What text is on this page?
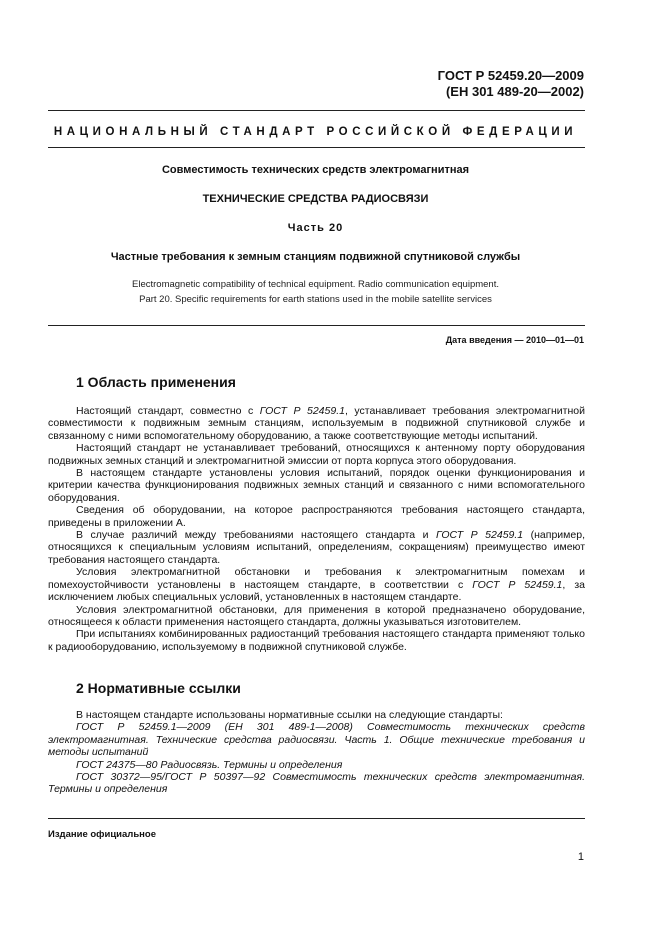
ГОСТ Р 52459.20—2009
(ЕН 301 489-20—2002)
НАЦИОНАЛЬНЫЙ СТАНДАРТ РОССИЙСКОЙ ФЕДЕРАЦИИ
Совместимость технических средств электромагнитная
ТЕХНИЧЕСКИЕ СРЕДСТВА РАДИОСВЯЗИ
Часть 20
Частные требования к земным станциям подвижной спутниковой службы
Electromagnetic compatibility of technical equipment. Radio communication equipment.
Part 20. Specific requirements for earth stations used in the mobile satellite services
Дата введения — 2010—01—01
1 Область применения

Настоящий стандарт, совместно с ГОСТ Р 52459.1, устанавливает требования электромагнитной совместимости к подвижным земным станциям, используемым в подвижной спутниковой службе и связанному с ними вспомогательному оборудованию, а также соответствующие методы испытаний.

Настоящий стандарт не устанавливает требований, относящихся к антенному порту оборудования подвижных земных станций и электромагнитной эмиссии от порта корпуса этого оборудования.

В настоящем стандарте установлены условия испытаний, порядок оценки функционирования и критерии качества функционирования подвижных земных станций и связанного с ними вспомогательного оборудования.

Сведения об оборудовании, на которое распространяются требования настоящего стандарта, приведены в приложении А.

В случае различий между требованиями настоящего стандарта и ГОСТ Р 52459.1 (например, относящихся к специальным условиям испытаний, определениям, сокращениям) преимущество имеют требования настоящего стандарта.

Условия электромагнитной обстановки и требования к электромагнитным помехам и помехоустойчивости установлены в настоящем стандарте, в соответствии с ГОСТ Р 52459.1, за исключением любых специальных условий, установленных в настоящем стандарте.

Условия электромагнитной обстановки, для применения в которой предназначено оборудование, относящееся к области применения настоящего стандарта, должны указываться изготовителем.

При испытаниях комбинированных радиостанций требования настоящего стандарта применяют только к радиооборудованию, используемому в подвижной спутниковой службе.

2 Нормативные ссылки

В настоящем стандарте использованы нормативные ссылки на следующие стандарты:

ГОСТ Р 52459.1—2009 (ЕН 301 489-1—2008) Совместимость технических средств электромагнитная. Технические средства радиосвязи. Часть 1. Общие технические требования и методы испытаний

ГОСТ 24375—80 Радиосвязь. Термины и определения

ГОСТ 30372—95/ГОСТ Р 50397—92 Совместимость технических средств электромагнитная. Термины и определения

Издание официальное
1
